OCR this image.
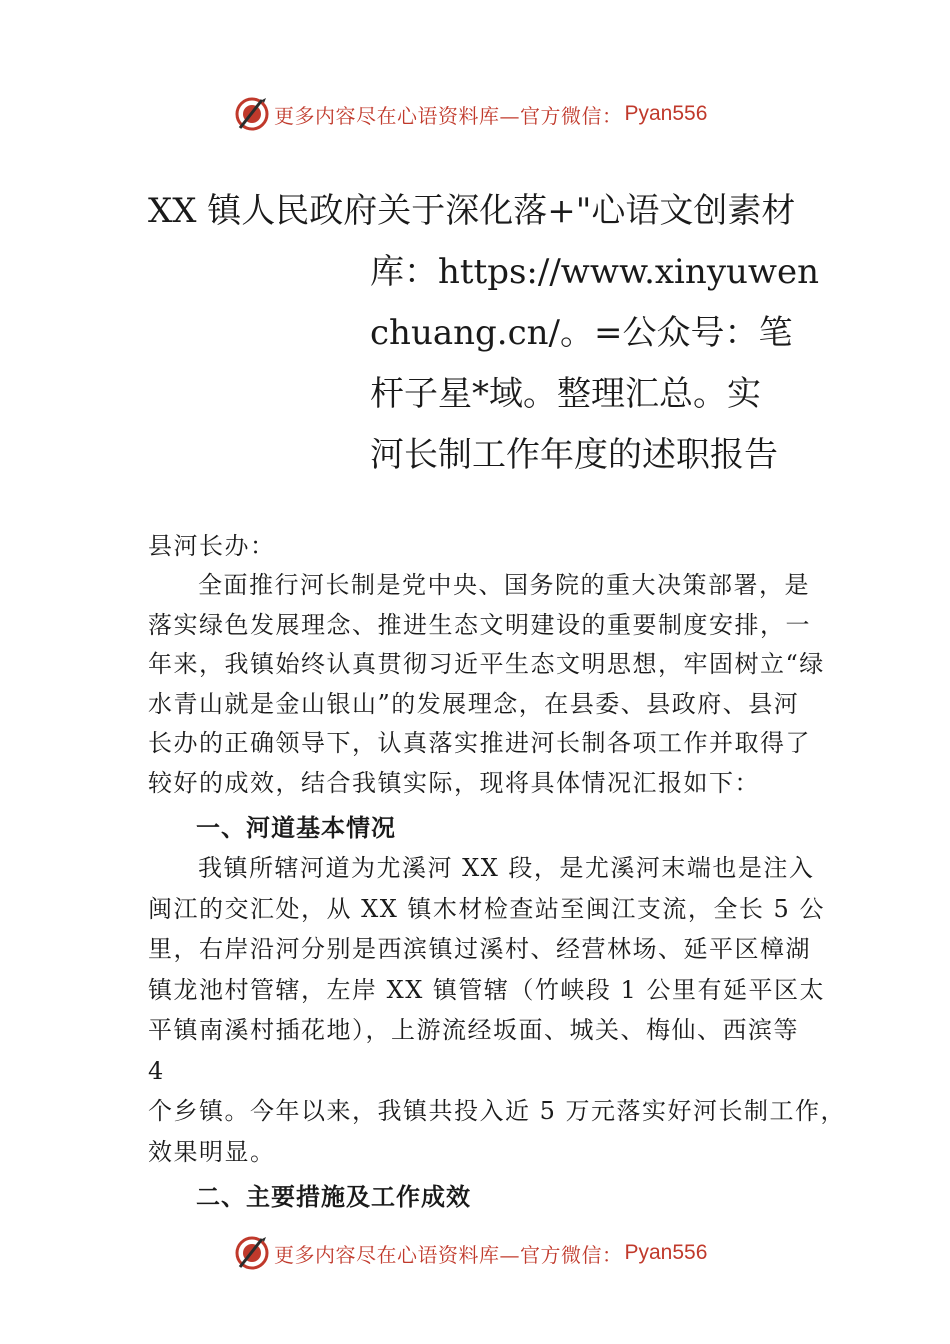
更多内容尽在心语资料库—官方微信： Pyan556
XX 镇人民政府关于深化落+"心语文创素材
库：https://www.xinyuwen
chuang.cn/。=公众号：笔
杆子星*域。整理汇总。实
河长制工作年度的述职报告

县河长办：

全面推行河长制是党中央、国务院的重大决策部署，是
落实绿色发展理念、推进生态文明建设的重要制度安排，一
年来，我镇始终认真贯彻习近平生态文明思想，牢固树立“绿
水青山就是金山银山”的发展理念，在县委、县政府、县河
长办的正确领导下，认真落实推进河长制各项工作并取得了
较好的成效，结合我镇实际，现将具体情况汇报如下：

一、河道基本情况

我镇所辖河道为尤溪河 XX 段，是尤溪河末端也是注入
闽江的交汇处，从 XX 镇木材检查站至闽江支流，全长 5 公
里，右岸沿河分别是西滨镇过溪村、经营林场、延平区樟湖
镇龙池村管辖，左岸 XX 镇管辖（竹峡段 1 公里有延平区太
平镇南溪村插花地），上游流经坂面、城关、梅仙、西滨等
4
个乡镇。今年以来，我镇共投入近 5 万元落实好河长制工作，
效果明显。

二、主要措施及工作成效
更多内容尽在心语资料库—官方微信： Pyan556
